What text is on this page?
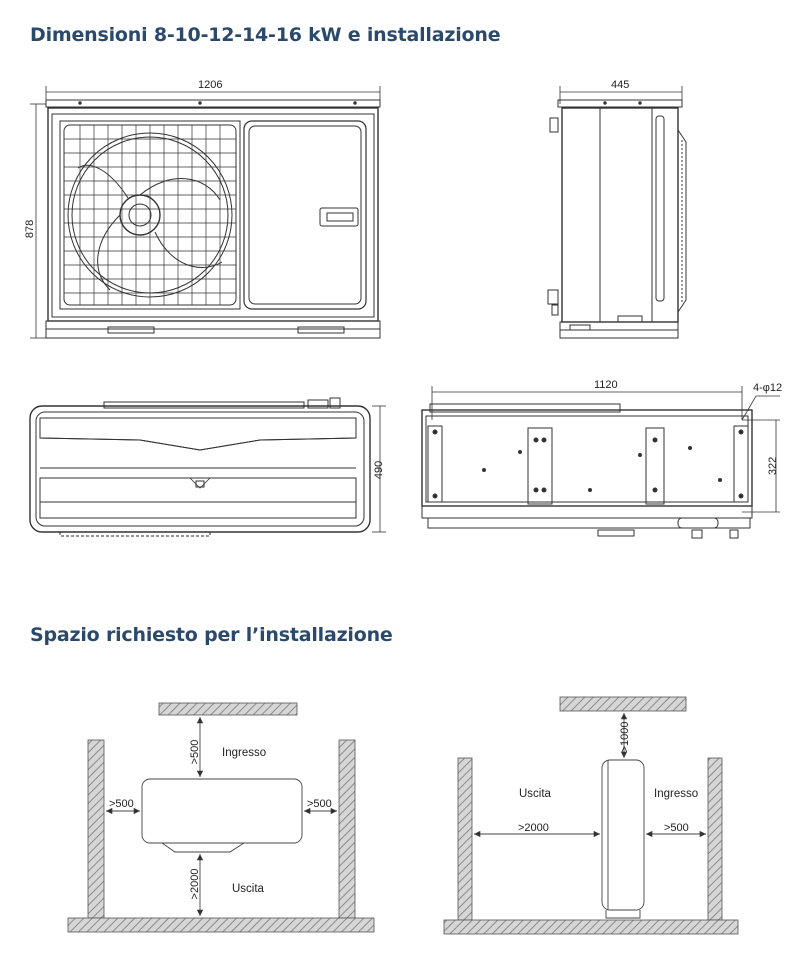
Dimensioni 8-10-12-14-16 kW e installazione
Spazio richiesto per l’installazione
1206
878
445
490
1120
322
4-φ12
>500
>500	>500
>2000
Ingresso
Uscita
>1000
>2000	>500
Uscita	Ingresso
